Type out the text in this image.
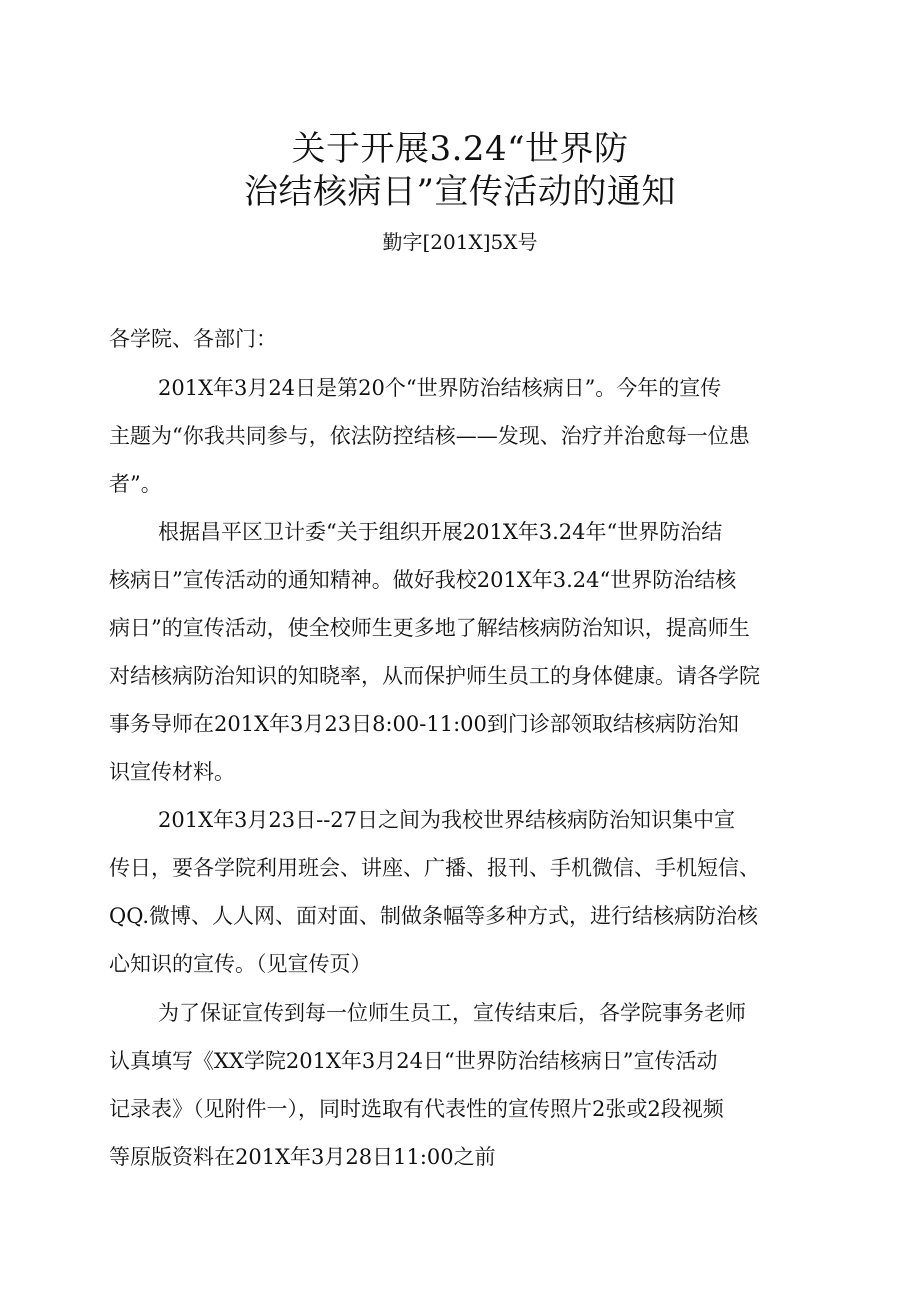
关于开展3.24“世界防
治结核病日”宣传活动的通知
勤字[201X]5X号
各学院、各部门：
201X年3月24日是第20个“世界防治结核病日”。今年的宣传
主题为“你我共同参与，依法防控结核——发现、治疗并治愈每一位患
者”。
根据昌平区卫计委“关于组织开展201X年3.24年“世界防治结
核病日”宣传活动的通知精神。做好我校201X年3.24“世界防治结核
病日”的宣传活动，使全校师生更多地了解结核病防治知识，提高师生
对结核病防治知识的知晓率，从而保护师生员工的身体健康。请各学院
事务导师在201X年3月23日8:00-11:00到门诊部领取结核病防治知
识宣传材料。
201X年3月23日--27日之间为我校世界结核病防治知识集中宣
传日，要各学院利用班会、讲座、广播、报刊、手机微信、手机短信、
QQ.微博、人人网、面对面、制做条幅等多种方式，进行结核病防治核
心知识的宣传。（见宣传页）
为了保证宣传到每一位师生员工，宣传结束后，各学院事务老师
认真填写《XX学院201X年3月24日“世界防治结核病日”宣传活动
记录表》（见附件一），同时选取有代表性的宣传照片2张或2段视频
等原版资料在201X年3月28日11:00之前
